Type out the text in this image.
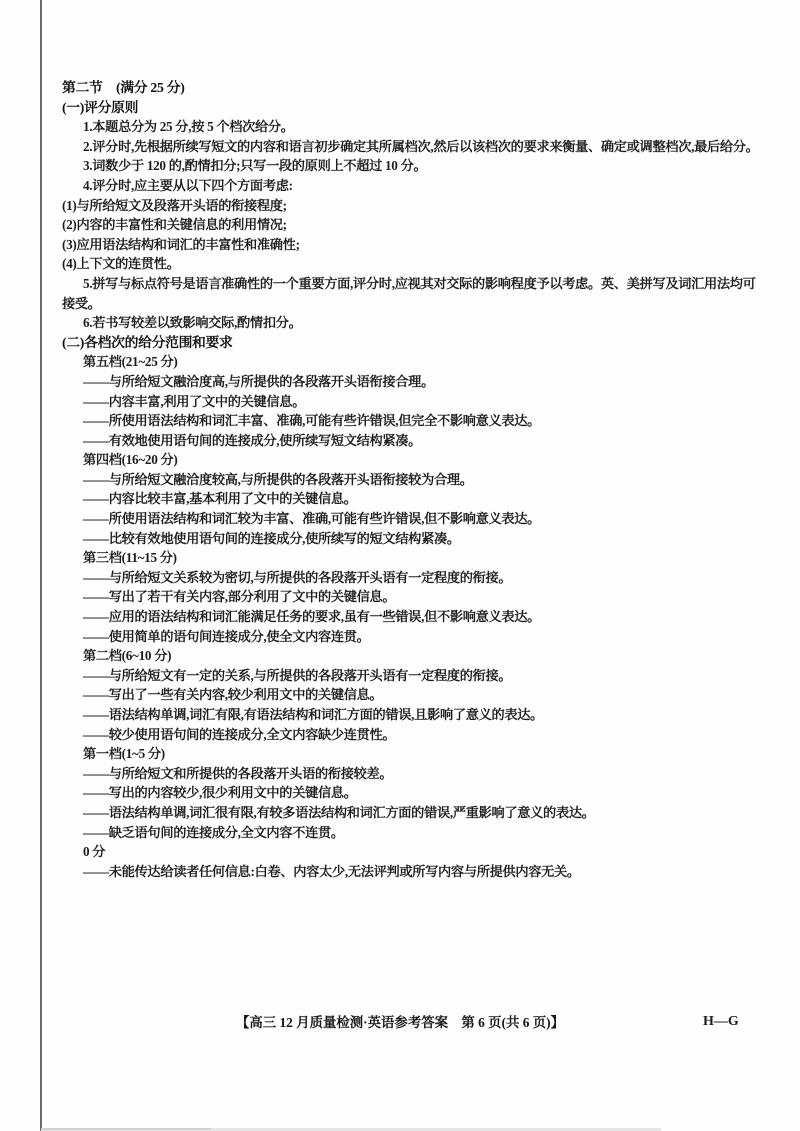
第二节　(满分 25 分)
(一)评分原则
1.本题总分为 25 分,按 5 个档次给分。
2.评分时,先根据所续写短文的内容和语言初步确定其所属档次,然后以该档次的要求来衡量、确定或调整档次,最后给分。
3.词数少于 120 的,酌情扣分;只写一段的原则上不超过 10 分。
4.评分时,应主要从以下四个方面考虑:
(1)与所给短文及段落开头语的衔接程度;
(2)内容的丰富性和关键信息的利用情况;
(3)应用语法结构和词汇的丰富性和准确性;
(4)上下文的连贯性。
5.拼写与标点符号是语言准确性的一个重要方面,评分时,应视其对交际的影响程度予以考虑。英、美拼写及词汇用法均可
接受。
6.若书写较差以致影响交际,酌情扣分。
(二)各档次的给分范围和要求
第五档(21~25 分)
——与所给短文融洽度高,与所提供的各段落开头语衔接合理。
——内容丰富,利用了文中的关键信息。
——所使用语法结构和词汇丰富、准确,可能有些许错误,但完全不影响意义表达。
——有效地使用语句间的连接成分,使所续写短文结构紧凑。
第四档(16~20 分)
——与所给短文融洽度较高,与所提供的各段落开头语衔接较为合理。
——内容比较丰富,基本利用了文中的关键信息。
——所使用语法结构和词汇较为丰富、准确,可能有些许错误,但不影响意义表达。
——比较有效地使用语句间的连接成分,使所续写的短文结构紧凑。
第三档(11~15 分)
——与所给短文关系较为密切,与所提供的各段落开头语有一定程度的衔接。
——写出了若干有关内容,部分利用了文中的关键信息。
——应用的语法结构和词汇能满足任务的要求,虽有一些错误,但不影响意义表达。
——使用简单的语句间连接成分,使全文内容连贯。
第二档(6~10 分)
——与所给短文有一定的关系,与所提供的各段落开头语有一定程度的衔接。
——写出了一些有关内容,较少利用文中的关键信息。
——语法结构单调,词汇有限,有语法结构和词汇方面的错误,且影响了意义的表达。
——较少使用语句间的连接成分,全文内容缺少连贯性。
第一档(1~5 分)
——与所给短文和所提供的各段落开头语的衔接较差。
——写出的内容较少,很少利用文中的关键信息。
——语法结构单调,词汇很有限,有较多语法结构和词汇方面的错误,严重影响了意义的表达。
——缺乏语句间的连接成分,全文内容不连贯。
0 分
——未能传达给读者任何信息:白卷、内容太少,无法评判或所写内容与所提供内容无关。
【高三 12 月质量检测·英语参考答案　第 6 页(共 6 页)】	H—G
